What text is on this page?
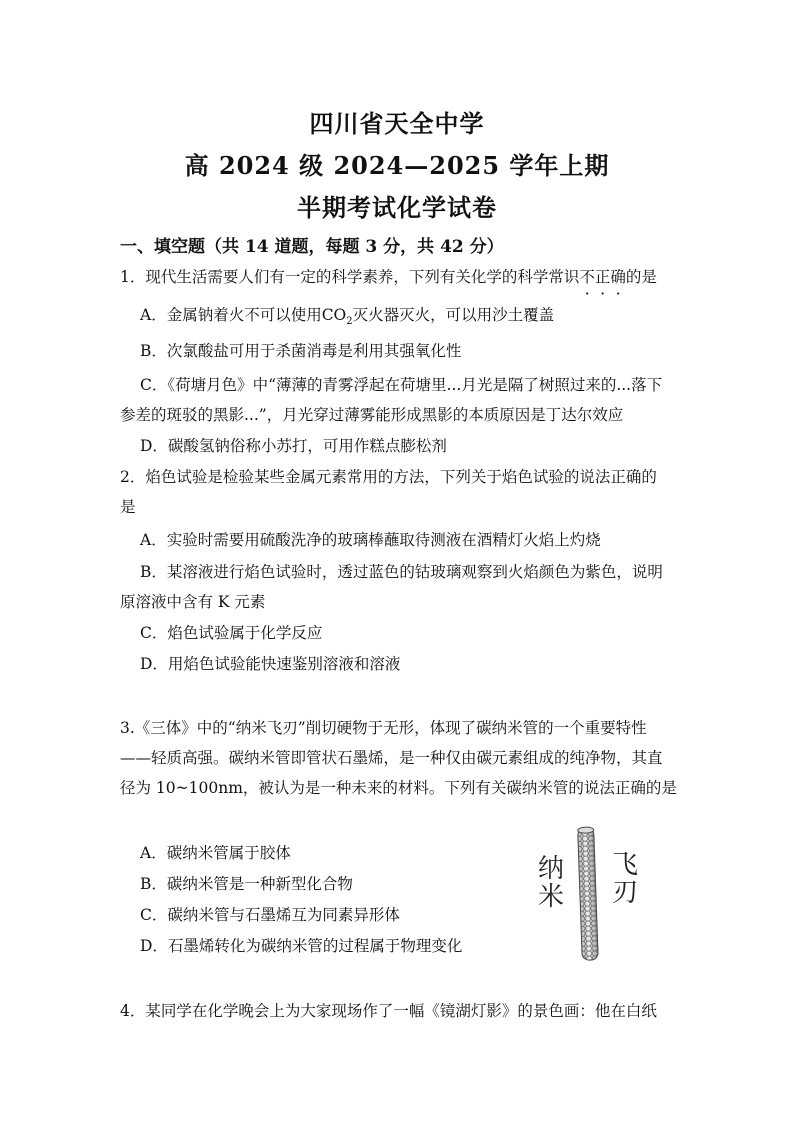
四川省天全中学
高 2024 级 2024—2025 学年上期
半期考试化学试卷
一、填空题（共 14 道题，每题 3 分，共 42 分）
1．现代生活需要人们有一定的科学素养，下列有关化学的科学常识不正确的是
A．金属钠着火不可以使用$CO_2$灭火器灭火，可以用沙土覆盖
B．次氯酸盐可用于杀菌消毒是利用其强氧化性
C．《荷塘月色》中“薄薄的青雾浮起在荷塘里...月光是隔了树照过来的...落下
参差的斑驳的黑影...”，月光穿过薄雾能形成黑影的本质原因是丁达尔效应
D．碳酸氢钠俗称小苏打，可用作糕点膨松剂
2．焰色试验是检验某些金属元素常用的方法，下列关于焰色试验的说法正确的
是
A．实验时需要用硫酸洗净的玻璃棒蘸取待测液在酒精灯火焰上灼烧
B．某溶液进行焰色试验时，透过蓝色的钴玻璃观察到火焰颜色为紫色，说明
原溶液中含有 K 元素
C．焰色试验属于化学反应
D．用焰色试验能快速鉴别溶液和溶液
3.《三体》中的“纳米飞刃”削切硬物于无形，体现了碳纳米管的一个重要特性
——轻质高强。碳纳米管即管状石墨烯，是一种仅由碳元素组成的纯净物，其直
径为 10~100nm，被认为是一种未来的材料。下列有关碳纳米管的说法正确的是
A．碳纳米管属于胶体
B．碳纳米管是一种新型化合物
C．碳纳米管与石墨烯互为同素异形体
D．石墨烯转化为碳纳米管的过程属于物理变化
纳
米
飞
刃
4．某同学在化学晚会上为大家现场作了一幅《镜湖灯影》的景色画：他在白纸
